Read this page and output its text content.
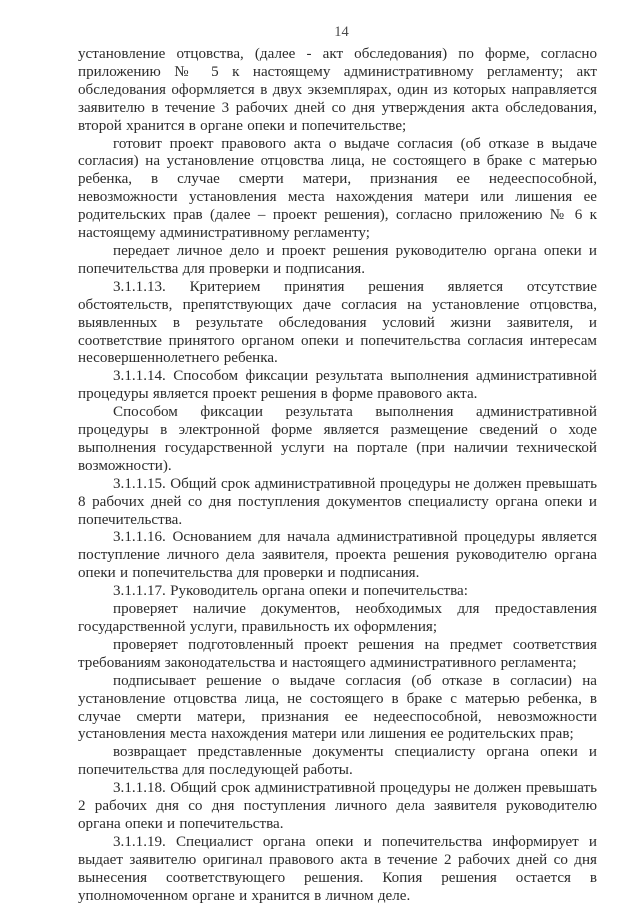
14

установление отцовства, (далее - акт обследования) по форме, согласно приложению № 5 к настоящему административному регламенту; акт обследования оформляется в двух экземплярах, один из которых направляется заявителю в течение 3 рабочих дней со дня утверждения акта обследования, второй хранится в органе опеки и попечительстве;

готовит проект правового акта о выдаче согласия (об отказе в выдаче согласия) на установление отцовства лица, не состоящего в браке с матерью ребенка, в случае смерти матери, признания ее недееспособной, невозможности установления места нахождения матери или лишения ее родительских прав (далее – проект решения), согласно приложению № 6 к настоящему административному регламенту;

передает личное дело и проект решения руководителю органа опеки и попечительства для проверки и подписания.

3.1.1.13. Критерием принятия решения является отсутствие обстоятельств, препятствующих даче согласия на установление отцовства, выявленных в результате обследования условий жизни заявителя, и соответствие принятого органом опеки и попечительства согласия интересам несовершеннолетнего ребенка.

3.1.1.14. Способом фиксации результата выполнения административной процедуры является проект решения в форме правового акта.

Способом фиксации результата выполнения административной процедуры в электронной форме является размещение сведений о ходе выполнения государственной услуги на портале (при наличии технической возможности).

3.1.1.15. Общий срок административной процедуры не должен превышать 8 рабочих дней со дня поступления документов специалисту органа опеки и попечительства.

3.1.1.16. Основанием для начала административной процедуры является поступление личного дела заявителя, проекта решения руководителю органа опеки и попечительства для проверки и подписания.

3.1.1.17. Руководитель органа опеки и попечительства:

проверяет наличие документов, необходимых для предоставления государственной услуги, правильность их оформления;

проверяет подготовленный проект решения на предмет соответствия требованиям законодательства и настоящего административного регламента;

подписывает решение о выдаче согласия (об отказе в согласии) на установление отцовства лица, не состоящего в браке с матерью ребенка, в случае смерти матери, признания ее недееспособной, невозможности установления места нахождения матери или лишения ее родительских прав;

возвращает представленные документы специалисту органа опеки и попечительства для последующей работы.

3.1.1.18. Общий срок административной процедуры не должен превышать 2 рабочих дня со дня поступления личного дела заявителя руководителю органа опеки и попечительства.

3.1.1.19. Специалист органа опеки и попечительства информирует и выдает заявителю оригинал правового акта в течение 2 рабочих дней со дня вынесения соответствующего решения. Копия решения остается в уполномоченном органе и хранится в личном деле.
